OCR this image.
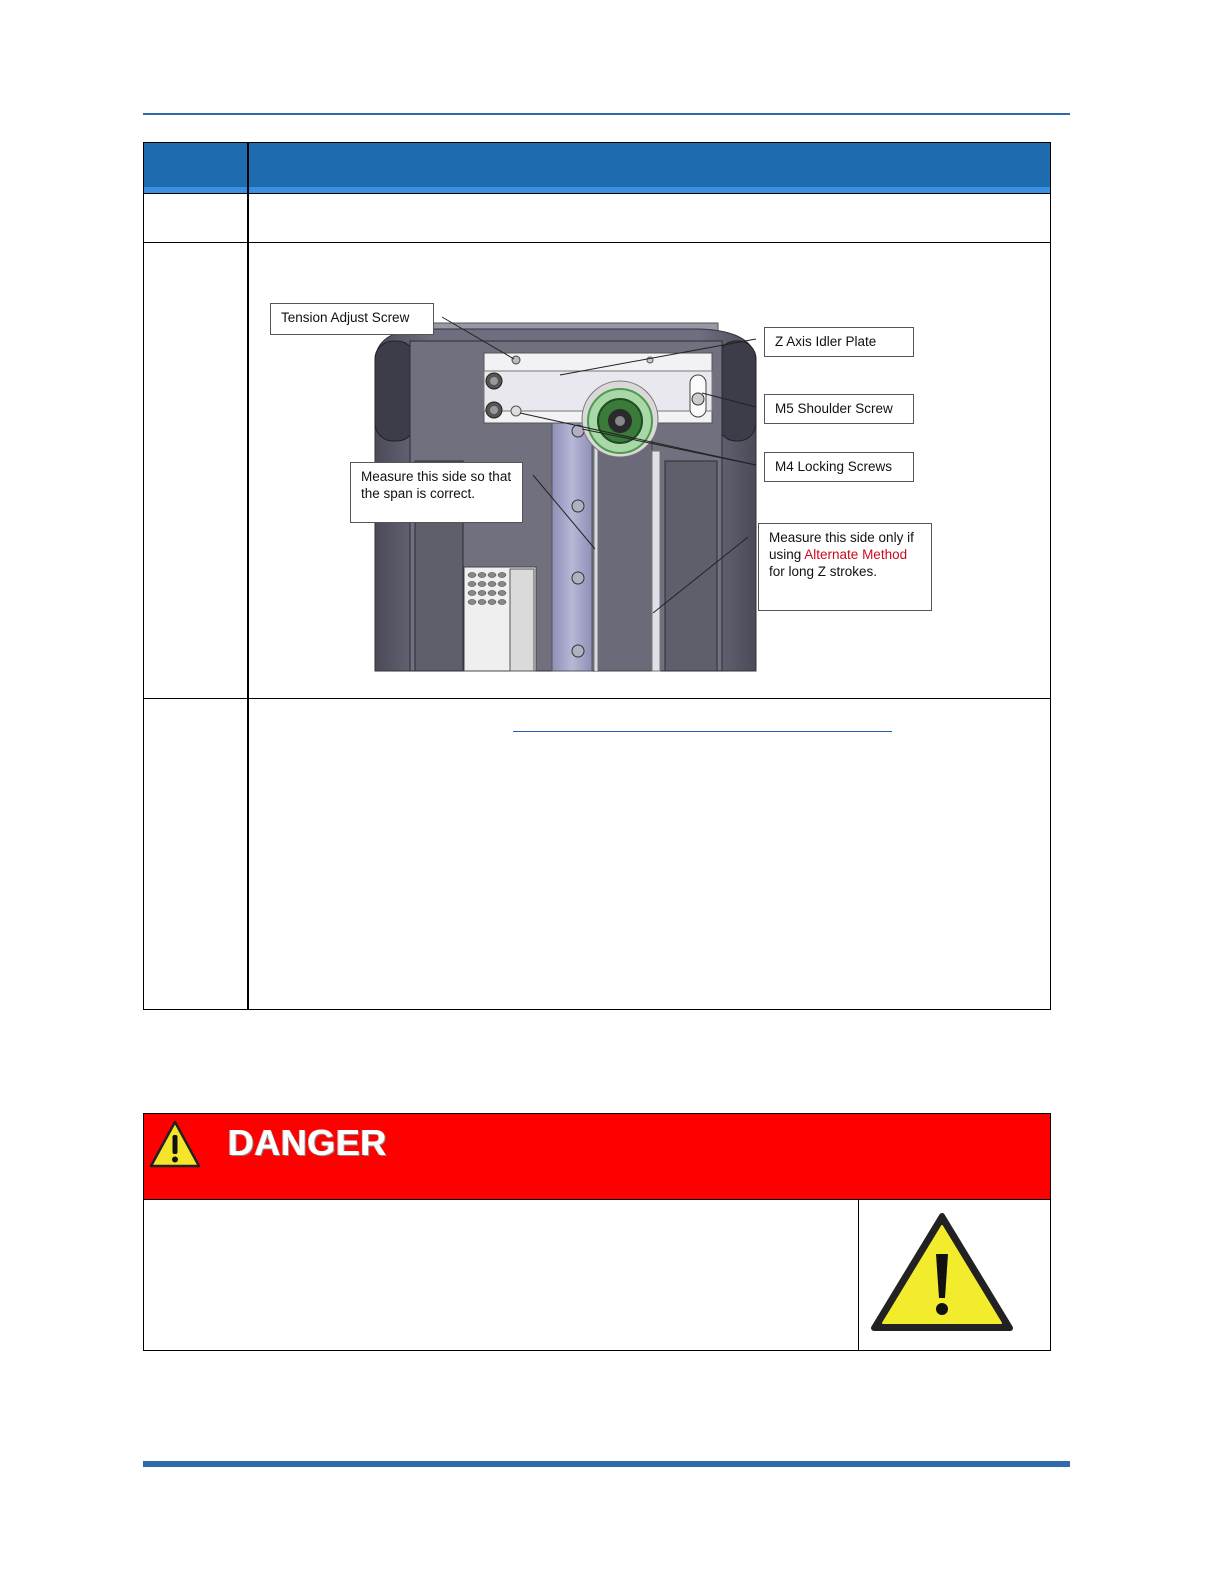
Tension Adjust Screw
Z Axis Idler Plate
M5 Shoulder Screw
M4 Locking Screws
Measure this side so that the span is correct.
Measure this side only if using Alternate Method for long Z strokes.
DANGER
